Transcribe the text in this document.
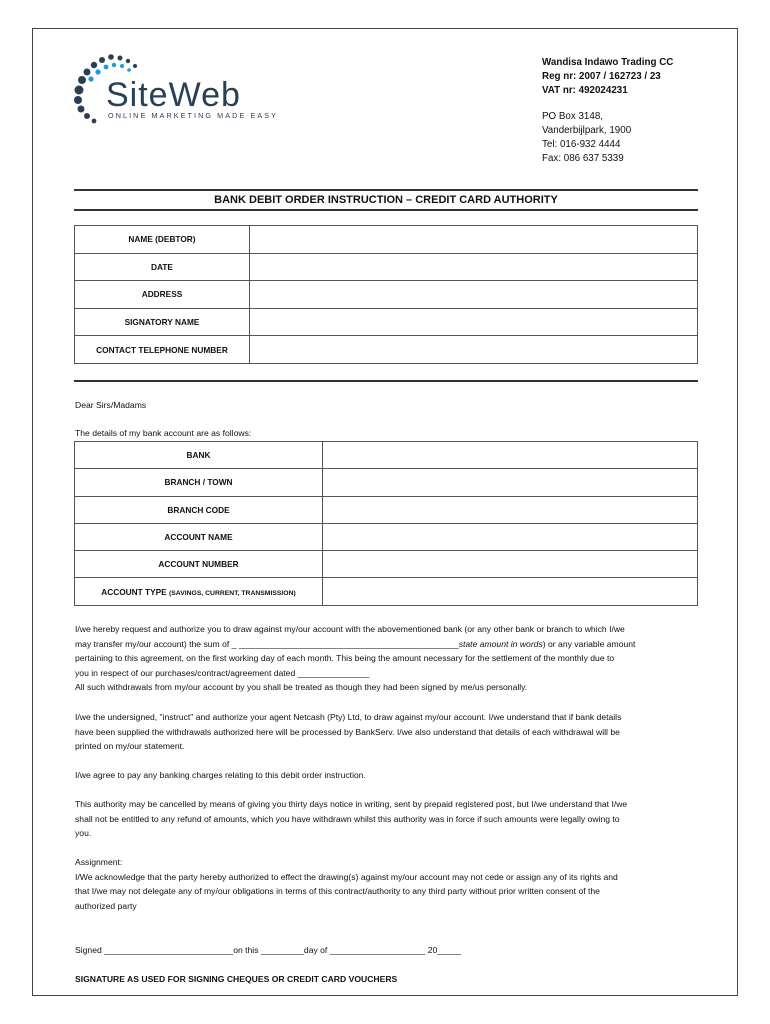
SiteWeb
ONLINE MARKETING MADE EASY
Wandisa Indawo Trading CC
Reg nr: 2007 / 162723 / 23
VAT nr: 492024231
PO Box 3148,
Vanderbijlpark, 1900
Tel: 016-932 4444
Fax: 086 637 5339
BANK DEBIT ORDER INSTRUCTION – CREDIT CARD AUTHORITY
NAME (DEBTOR)	
DATE	
ADDRESS	
SIGNATORY NAME	
CONTACT TELEPHONE NUMBER	
Dear Sirs/Madams
The details of my bank account are as follows:
BANK	
BRANCH / TOWN	
BRANCH CODE	
ACCOUNT NAME	
ACCOUNT NUMBER	
ACCOUNT TYPE (SAVINGS, CURRENT, TRANSMISSION)	
I/we hereby request and authorize you to draw against my/our account with the abovementioned bank (or any other bank or branch to which I/we
may transfer my/our account) the sum of _ ______________________________________________state amount in words) or any variable amount
pertaining to this agreement, on the first working day of each month. This being the amount necessary for the settlement of the monthly due to
you in respect of our purchases/contract/agreement dated _______________
All such withdrawals from my/our account by you shall be treated as though they had been signed by me/us personally.
I/we the undersigned, "instruct" and authorize your agent Netcash (Pty) Ltd, to draw against my/our account. I/we understand that if bank details
have been supplied the withdrawals authorized here will be processed by BankServ. I/we also understand that details of each withdrawal will be
printed on my/our statement.
I/we agree to pay any banking charges relating to this debit order instruction.
This authority may be cancelled by means of giving you thirty days notice in writing, sent by prepaid registered post, but I/we understand that I/we
shall not be entitled to any refund of amounts, which you have withdrawn whilst this authority was in force if such amounts were legally owing to
you.
Assignment:
I/We acknowledge that the party hereby authorized to effect the drawing(s) against my/our account may not cede or assign any of its rights and
that I/we may not delegate any of my/our obligations in terms of this contract/authority to any third party without prior written consent of the
authorized party
Signed ___________________________on this _________day of ____________________ 20_____
SIGNATURE AS USED FOR SIGNING CHEQUES OR CREDIT CARD VOUCHERS
